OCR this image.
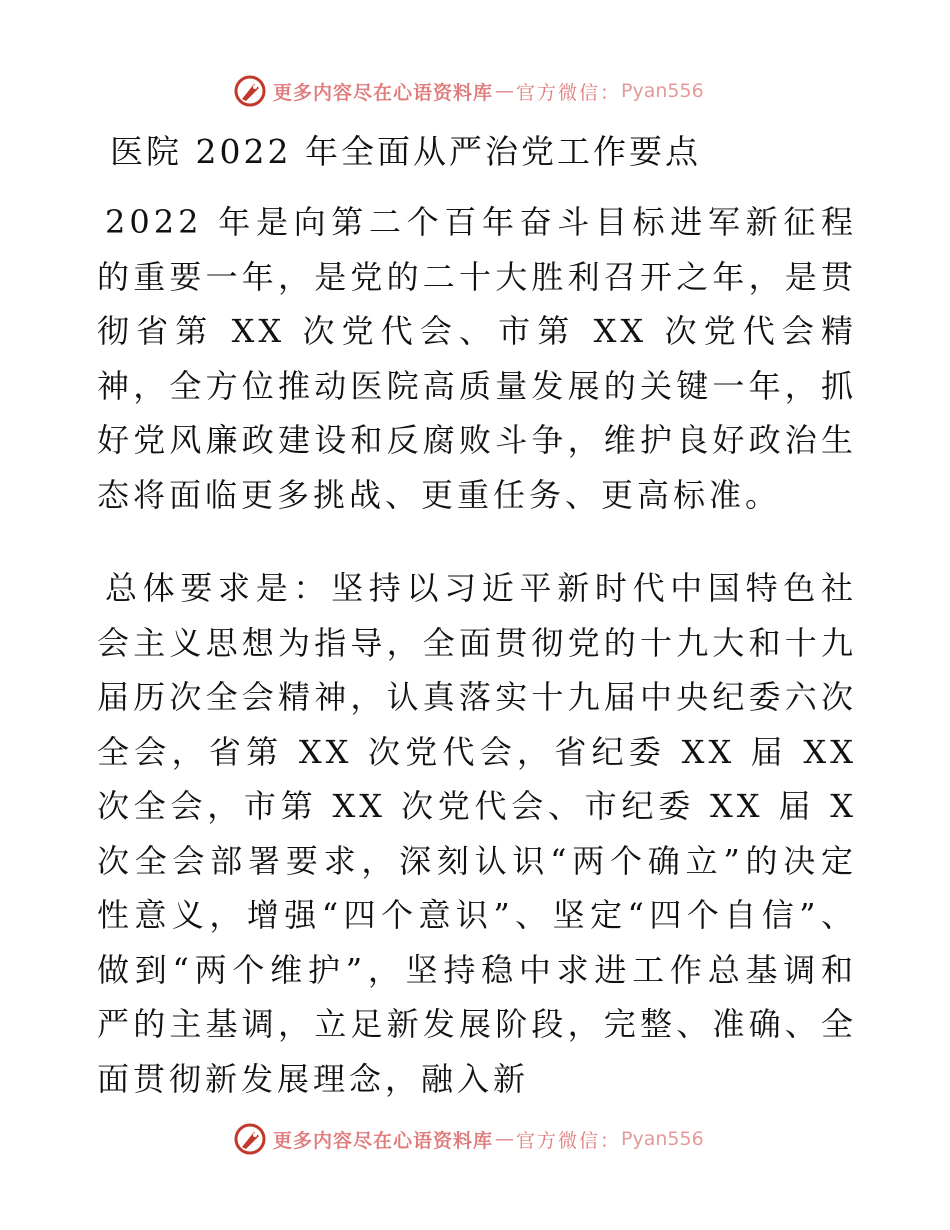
更多内容尽在心语资料库 — 官方微信： Pyan556
医院 2022 年全面从严治党工作要点

2022 年是向第二个百年奋斗目标进军新征程的重要一年，是党的二十大胜利召开之年，是贯彻省第 XX 次党代会、市第 XX 次党代会精神，全方位推动医院高质量发展的关键一年，抓好党风廉政建设和反腐败斗争，维护良好政治生态将面临更多挑战、更重任务、更高标准。

总体要求是：坚持以习近平新时代中国特色社会主义思想为指导，全面贯彻党的十九大和十九届历次全会精神，认真落实十九届中央纪委六次全会，省第 XX 次党代会，省纪委 XX 届 XX 次全会，市第 XX 次党代会、市纪委 XX 届 X 次全会部署要求，深刻认识“两个确立”的决定性意义，增强“四个意识”、坚定“四个自信”、做到“两个维护”，坚持稳中求进工作总基调和严的主基调，立足新发展阶段，完整、准确、全面贯彻新发展理念，融入新

更多内容尽在心语资料库 — 官方微信： Pyan556
